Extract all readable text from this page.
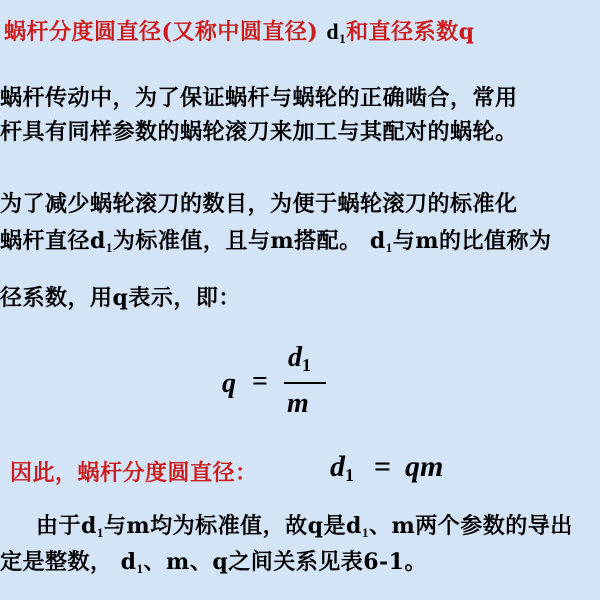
蜗杆分度圆直径(又称中圆直径) $d_1$和直径系数q
蜗杆传动中，为了保证蜗杆与蜗轮的正确啮合，常用
杆具有同样参数的蜗轮滚刀来加工与其配对的蜗轮。
为了减少蜗轮滚刀的数目，为便于蜗轮滚刀的标准化
蜗杆直径$d_1$为标准值，且与m搭配。 $d_1$与m的比值称为
径系数，用q表示，即：
q =
$d_1$
m
因此，蜗杆分度圆直径： $d_1$ = qm
由于$d_1$与m均为标准值，故q是$d_1$、m两个参数的导出
定是整数， $d_1$、m、q之间关系见表6-1。
